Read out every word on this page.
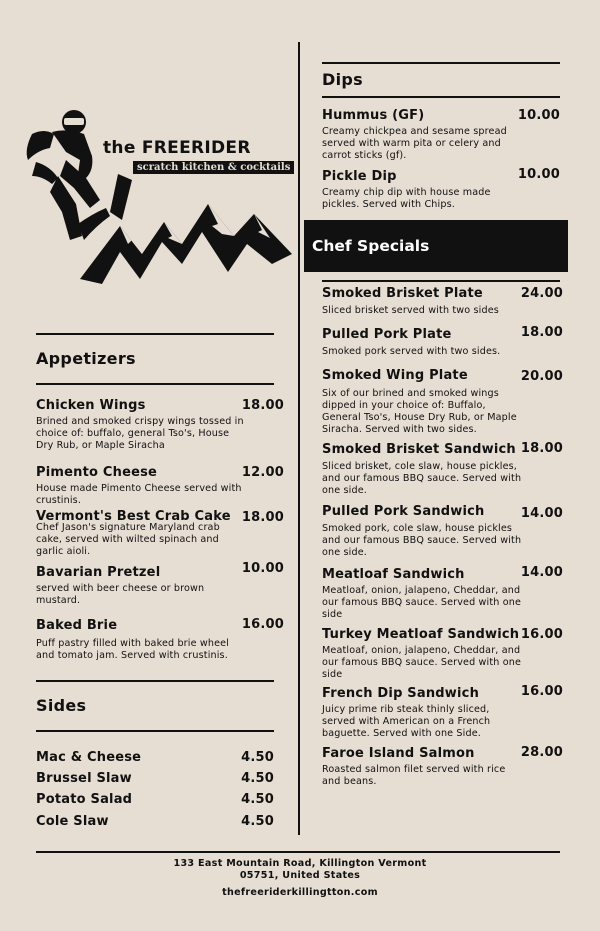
the FREERIDER
scratch kitchen & cocktails
Appetizers
Chicken Wings	18.00
Brined and smoked crispy wings tossed in choice of: buffalo, general Tso's, House Dry Rub, or Maple Siracha
Pimento Cheese	12.00
House made Pimento Cheese served with crustinis.
Vermont's Best Crab Cake 18.00
Chef Jason's signature Maryland crab cake, served with wilted spinach and garlic aioli.
Bavarian Pretzel	10.00
served with beer cheese or brown mustard.
Baked Brie	16.00
Puff pastry filled with baked brie wheel and tomato jam. Served with crustinis.
Sides
Mac & Cheese	4.50
Brussel Slaw	4.50
Potato Salad	4.50
Cole Slaw	4.50
Dips
Hummus (GF)	10.00
Creamy chickpea and sesame spread served with warm pita or celery and carrot sticks (gf).
Pickle Dip	10.00
Creamy chip dip with house made pickles. Served with Chips.
Chef Specials
Smoked Brisket Plate	24.00
Sliced brisket served with two sides
Pulled Pork Plate	18.00
Smoked pork served with two sides.
Smoked Wing Plate	20.00
Six of our brined and smoked wings dipped in your choice of: Buffalo, General Tso's, House Dry Rub, or Maple Siracha. Served with two sides.
Smoked Brisket Sandwich 18.00
Sliced brisket, cole slaw, house pickles, and our famous BBQ sauce. Served with one side.
Pulled Pork Sandwich	14.00
Smoked pork, cole slaw, house pickles and our famous BBQ sauce. Served with one side.
Meatloaf Sandwich	14.00
Meatloaf, onion, jalapeno, Cheddar, and our famous BBQ sauce. Served with one side
Turkey Meatloaf Sandwich 16.00
Meatloaf, onion, jalapeno, Cheddar, and our famous BBQ sauce. Served with one side
French Dip Sandwich	16.00
Juicy prime rib steak thinly sliced, served with American on a French baguette. Served with one Side.
Faroe Island Salmon	28.00
Roasted salmon filet served with rice and beans.
133 East Mountain Road, Killington Vermont
05751, United States
thefreeriderkillingtton.com
